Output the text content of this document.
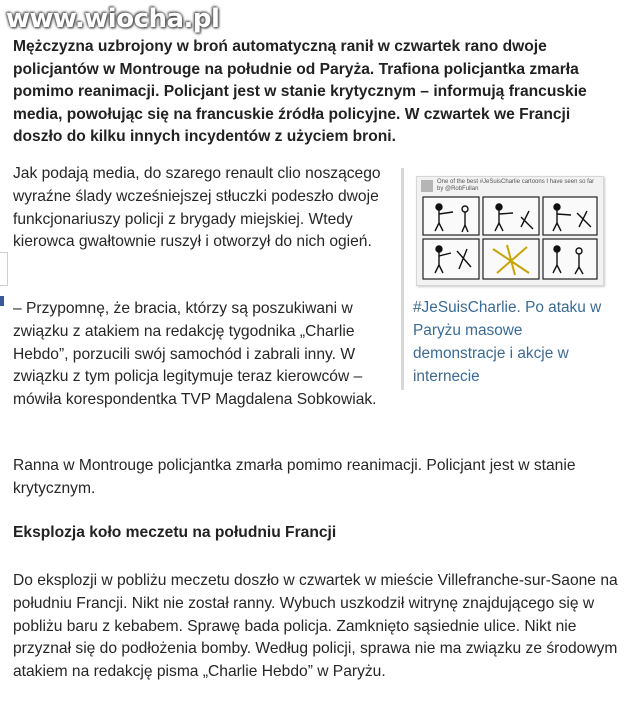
www.wiocha.pl
Mężczyzna uzbrojony w broń automatyczną ranił w czwartek rano dwoje policjantów w Montrouge na południe od Paryża. Trafiona policjantka zmarła pomimo reanimacji. Policjant jest w stanie krytycznym – informują francuskie media, powołując się na francuskie źródła policyjne. W czwartek we Francji doszło do kilku innych incydentów z użyciem broni.
Jak podają media, do szarego renault clio noszącego wyraźne ślady wcześniejszej stłuczki podeszło dwoje funkcjonariuszy policji z brygady miejskiej. Wtedy kierowca gwałtownie ruszył i otworzył do nich ogień.
– Przypomnę, że bracia, którzy są poszukiwani w związku z atakiem na redakcję tygodnika „Charlie Hebdo”, porzucili swój samochód i zabrali inny. W związku z tym policja legitymuje teraz kierowców – mówiła korespondentka TVP Magdalena Sobkowiak.
One of the best #JeSuisCharlie cartoons I have seen so far by @RobFullan
#JeSuisCharlie. Po ataku w Paryżu masowe demonstracje i akcje w internecie
Ranna w Montrouge policjantka zmarła pomimo reanimacji. Policjant jest w stanie krytycznym.
Eksplozja koło meczetu na południu Francji
Do eksplozji w pobliżu meczetu doszło w czwartek w mieście Villefranche-sur-Saone na południu Francji. Nikt nie został ranny. Wybuch uszkodził witrynę znajdującego się w pobliżu baru z kebabem. Sprawę bada policja. Zamknięto sąsiednie ulice. Nikt nie przyznał się do podłożenia bomby. Według policji, sprawa nie ma związku ze środowym atakiem na redakcję pisma „Charlie Hebdo” w Paryżu.
